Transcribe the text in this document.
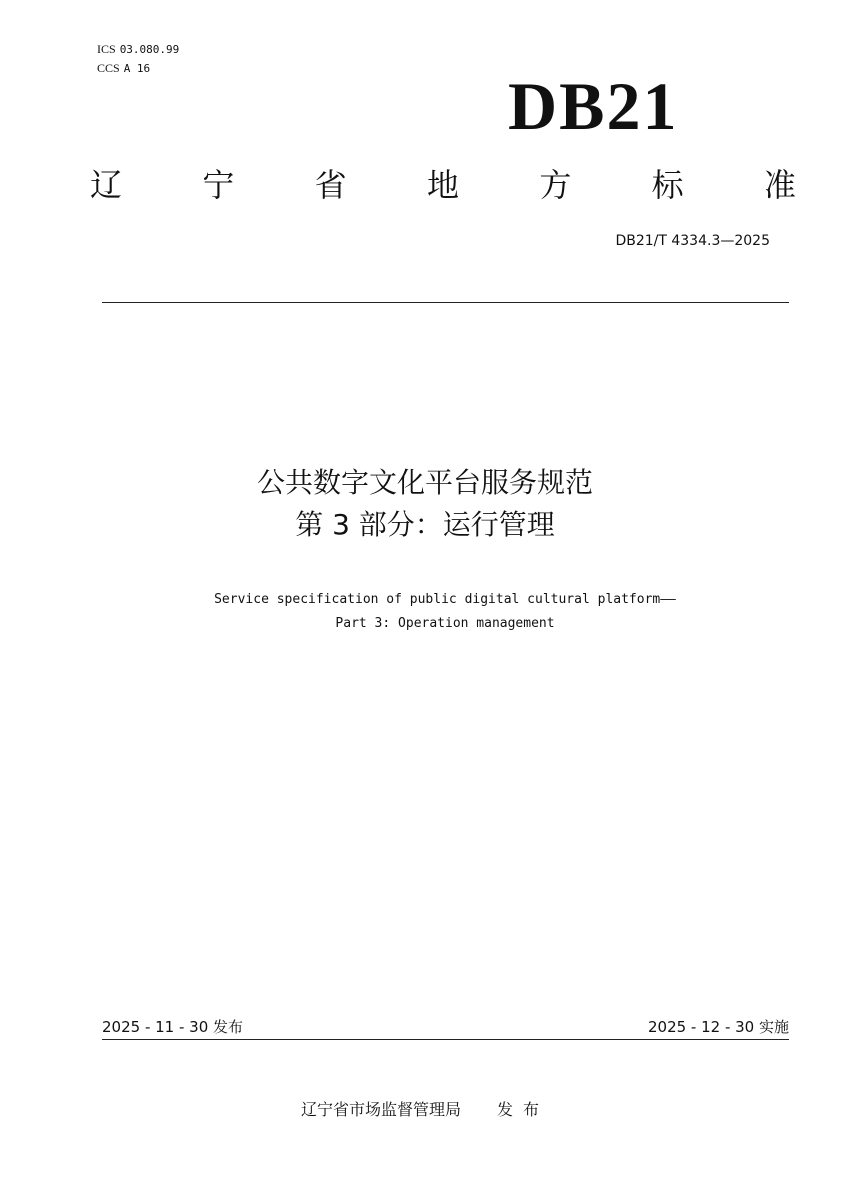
ICS 03.080.99
CCS A 16	DB21
辽	宁	省	地	方	标	准
DB21/T 4334.3—2025
公共数字文化平台服务规范
第 3 部分：运行管理
Service specification of public digital cultural platform——
Part 3: Operation management
2025 - 11 - 30 发布	2025 - 12 - 30 实施
辽宁省市场监督管理局 发布
